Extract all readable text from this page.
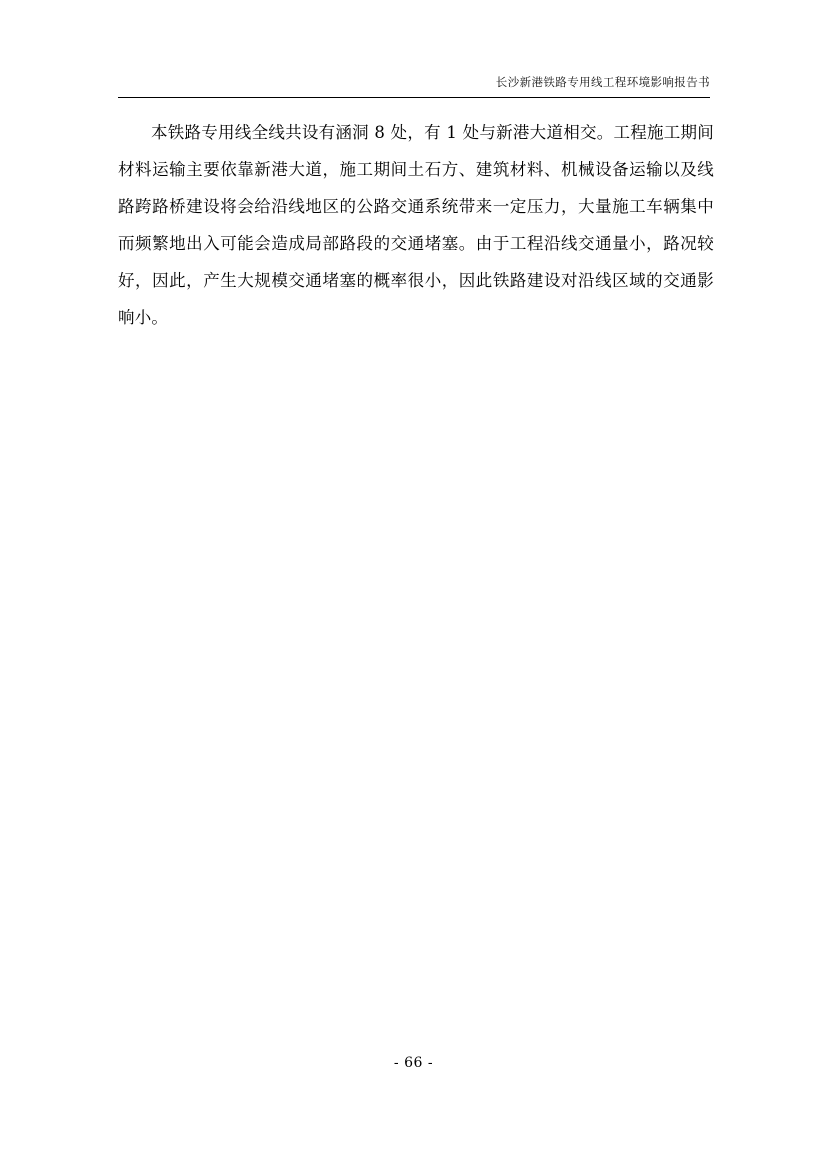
长沙新港铁路专用线工程环境影响报告书
本铁路专用线全线共设有涵洞 8 处，有 1 处与新港大道相交。工程施工期间材料运输主要依靠新港大道，施工期间土石方、建筑材料、机械设备运输以及线路跨路桥建设将会给沿线地区的公路交通系统带来一定压力，大量施工车辆集中而频繁地出入可能会造成局部路段的交通堵塞。由于工程沿线交通量小，路况较好，因此，产生大规模交通堵塞的概率很小，因此铁路建设对沿线区域的交通影响小。
- 66 -
